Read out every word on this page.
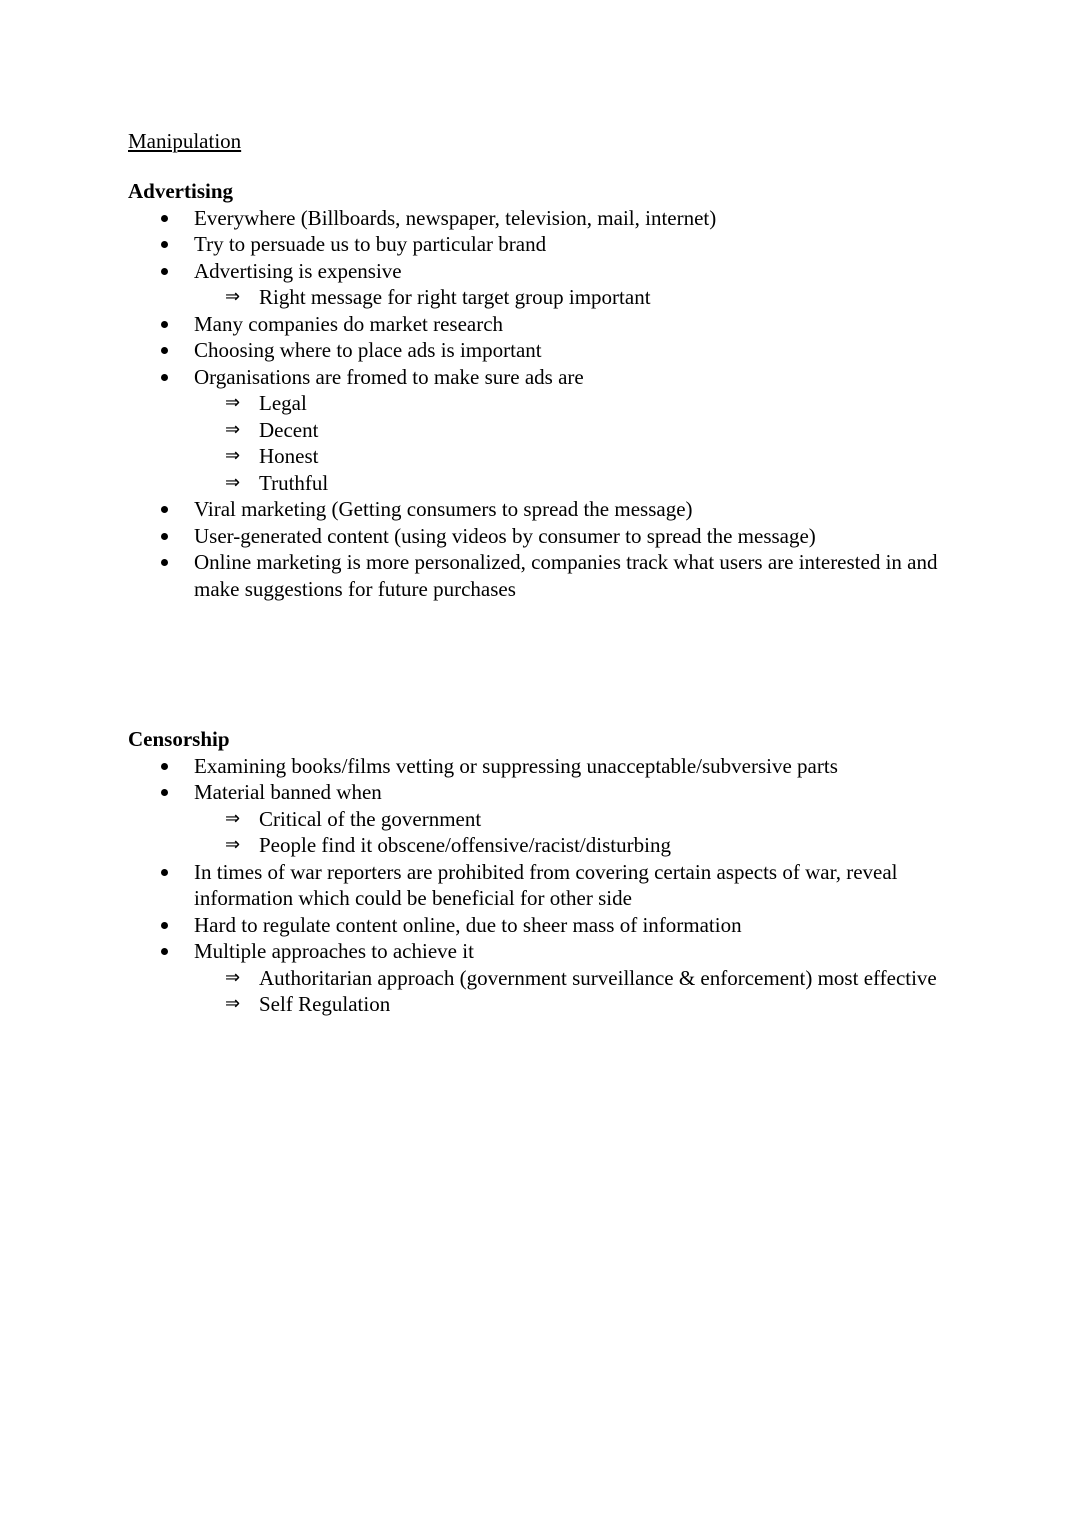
Manipulation
Advertising
Everywhere (Billboards, newspaper, television, mail, internet)
Try to persuade us to buy particular brand
Advertising is expensive
⇒ Right message for right target group important
Many companies do market research
Choosing where to place ads is important
Organisations are fromed to make sure ads are
⇒ Legal
⇒ Decent
⇒ Honest
⇒ Truthful
Viral marketing (Getting consumers to spread the message)
User-generated content (using videos by consumer to spread the message)
Online marketing is more personalized, companies track what users are interested in and make suggestions for future purchases
Censorship
Examining books/films vetting or suppressing unacceptable/subversive parts
Material banned when
⇒ Critical of the government
⇒ People find it obscene/offensive/racist/disturbing
In times of war reporters are prohibited from covering certain aspects of war, reveal information which could be beneficial for other side
Hard to regulate content online, due to sheer mass of information
Multiple approaches to achieve it
⇒ Authoritarian approach (government surveillance & enforcement) most effective
⇒ Self Regulation
